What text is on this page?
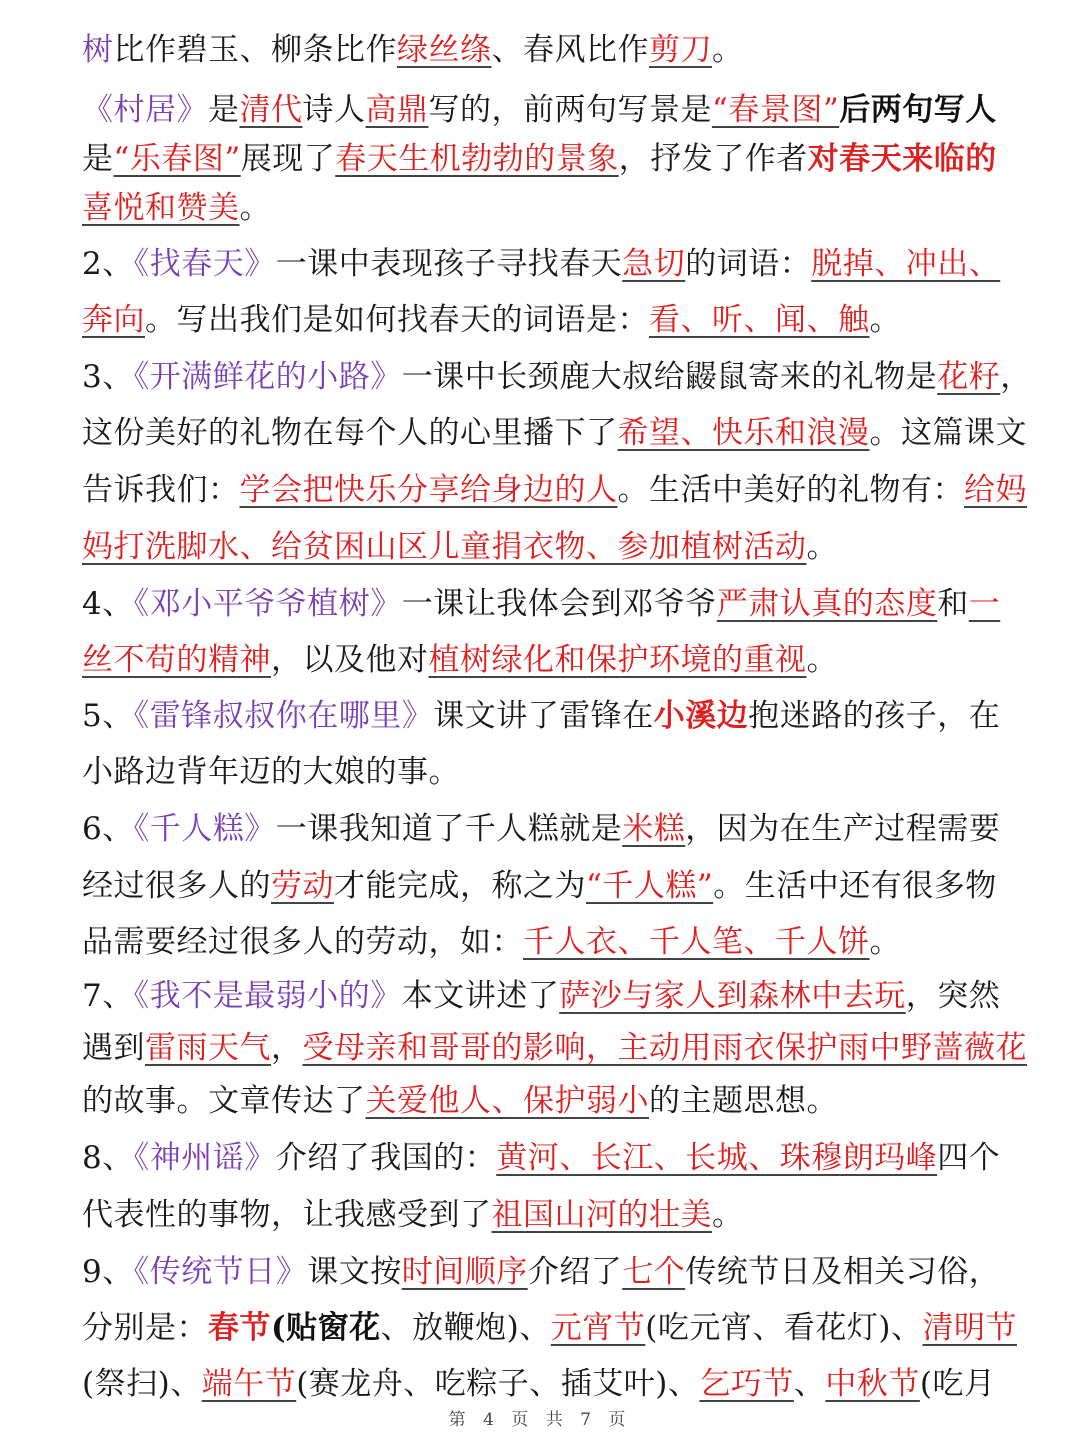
树比作碧玉、柳条比作绿丝绦、春风比作剪刀。
《村居》是清代诗人高鼎写的，前两句写景是“春景图”后两句写人
是“乐春图”展现了春天生机勃勃的景象，抒发了作者对春天来临的
喜悦和赞美。
2、《找春天》一课中表现孩子寻找春天急切的词语：脱掉、冲出、
奔向。写出我们是如何找春天的词语是：看、听、闻、触。
3、《开满鲜花的小路》一课中长颈鹿大叔给鼹鼠寄来的礼物是花籽，
这份美好的礼物在每个人的心里播下了希望、快乐和浪漫。这篇课文
告诉我们：学会把快乐分享给身边的人。生活中美好的礼物有：给妈
妈打洗脚水、给贫困山区儿童捐衣物、参加植树活动。
4、《邓小平爷爷植树》一课让我体会到邓爷爷严肃认真的态度和一
丝不苟的精神，以及他对植树绿化和保护环境的重视。
5、《雷锋叔叔你在哪里》课文讲了雷锋在小溪边抱迷路的孩子，在
小路边背年迈的大娘的事。
6、《千人糕》一课我知道了千人糕就是米糕，因为在生产过程需要
经过很多人的劳动才能完成，称之为“千人糕”。生活中还有很多物
品需要经过很多人的劳动，如：千人衣、千人笔、千人饼。
7、《我不是最弱小的》本文讲述了萨沙与家人到森林中去玩，突然
遇到雷雨天气，受母亲和哥哥的影响，主动用雨衣保护雨中野蔷薇花
的故事。文章传达了关爱他人、保护弱小的主题思想。
8、《神州谣》介绍了我国的：黄河、长江、长城、珠穆朗玛峰四个
代表性的事物，让我感受到了祖国山河的壮美。
9、《传统节日》课文按时间顺序介绍了七个传统节日及相关习俗，
分别是：春节(贴窗花、放鞭炮)、元宵节(吃元宵、看花灯)、清明节
(祭扫)、端午节(赛龙舟、吃粽子、插艾叶)、乞巧节、中秋节(吃月
第 4 页 共 7 页
